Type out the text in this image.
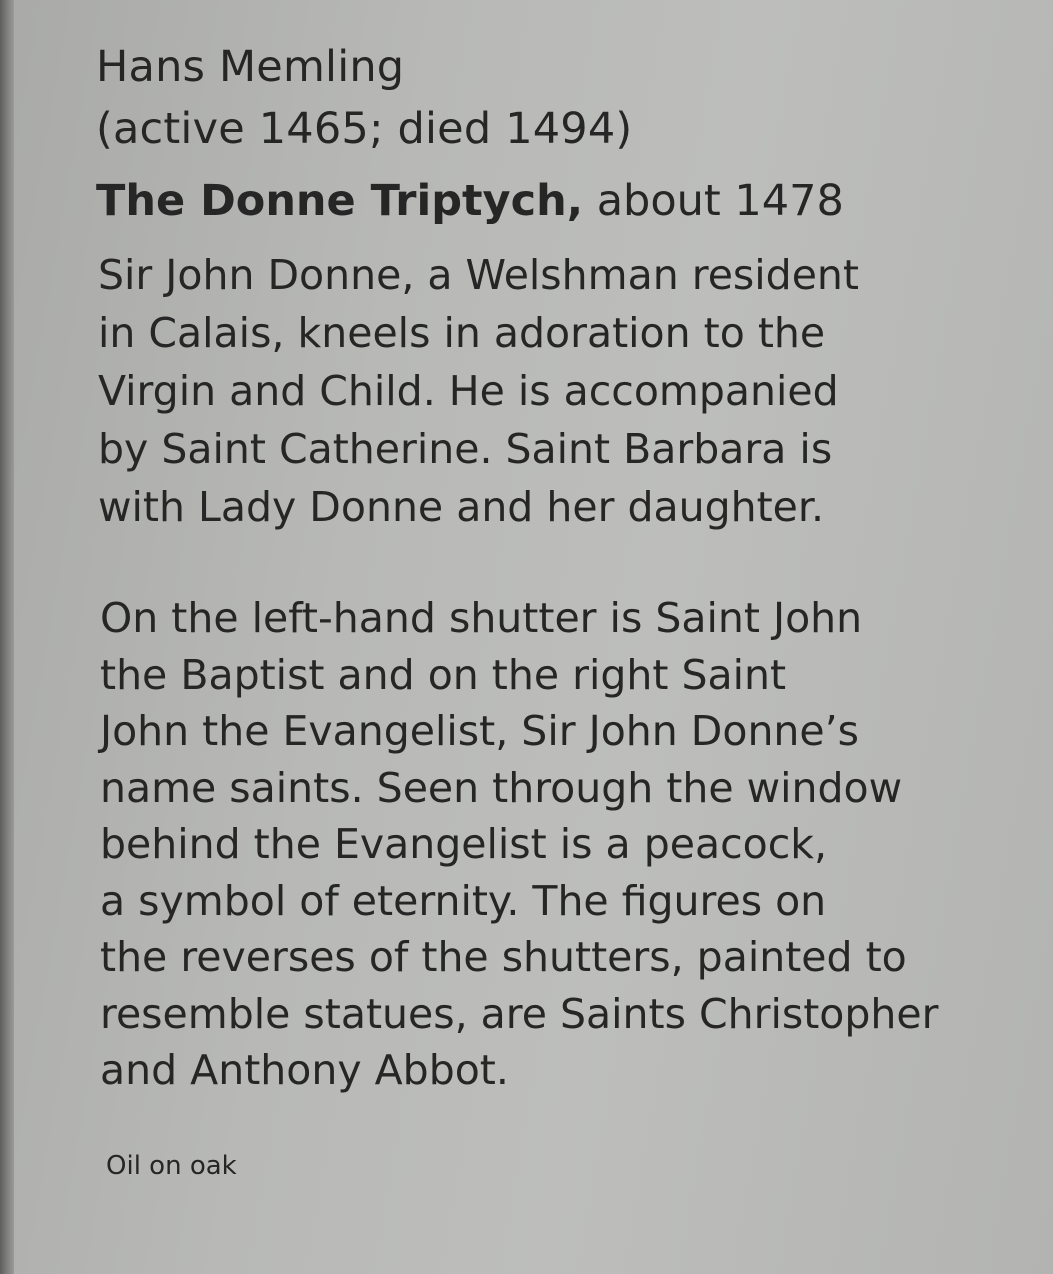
Hans Memling

(active 1465; died 1494)

The Donne Triptych, about 1478

Sir John Donne, a Welshman resident
in Calais, kneels in adoration to the
Virgin and Child. He is accompanied
by Saint Catherine. Saint Barbara is
with Lady Donne and her daughter.
On the left-hand shutter is Saint John
the Baptist and on the right Saint
John the Evangelist, Sir John Donne’s
name saints. Seen through the window
behind the Evangelist is a peacock,
a symbol of eternity. The figures on
the reverses of the shutters, painted to
resemble statues, are Saints Christopher
and Anthony Abbot.

Oil on oak
